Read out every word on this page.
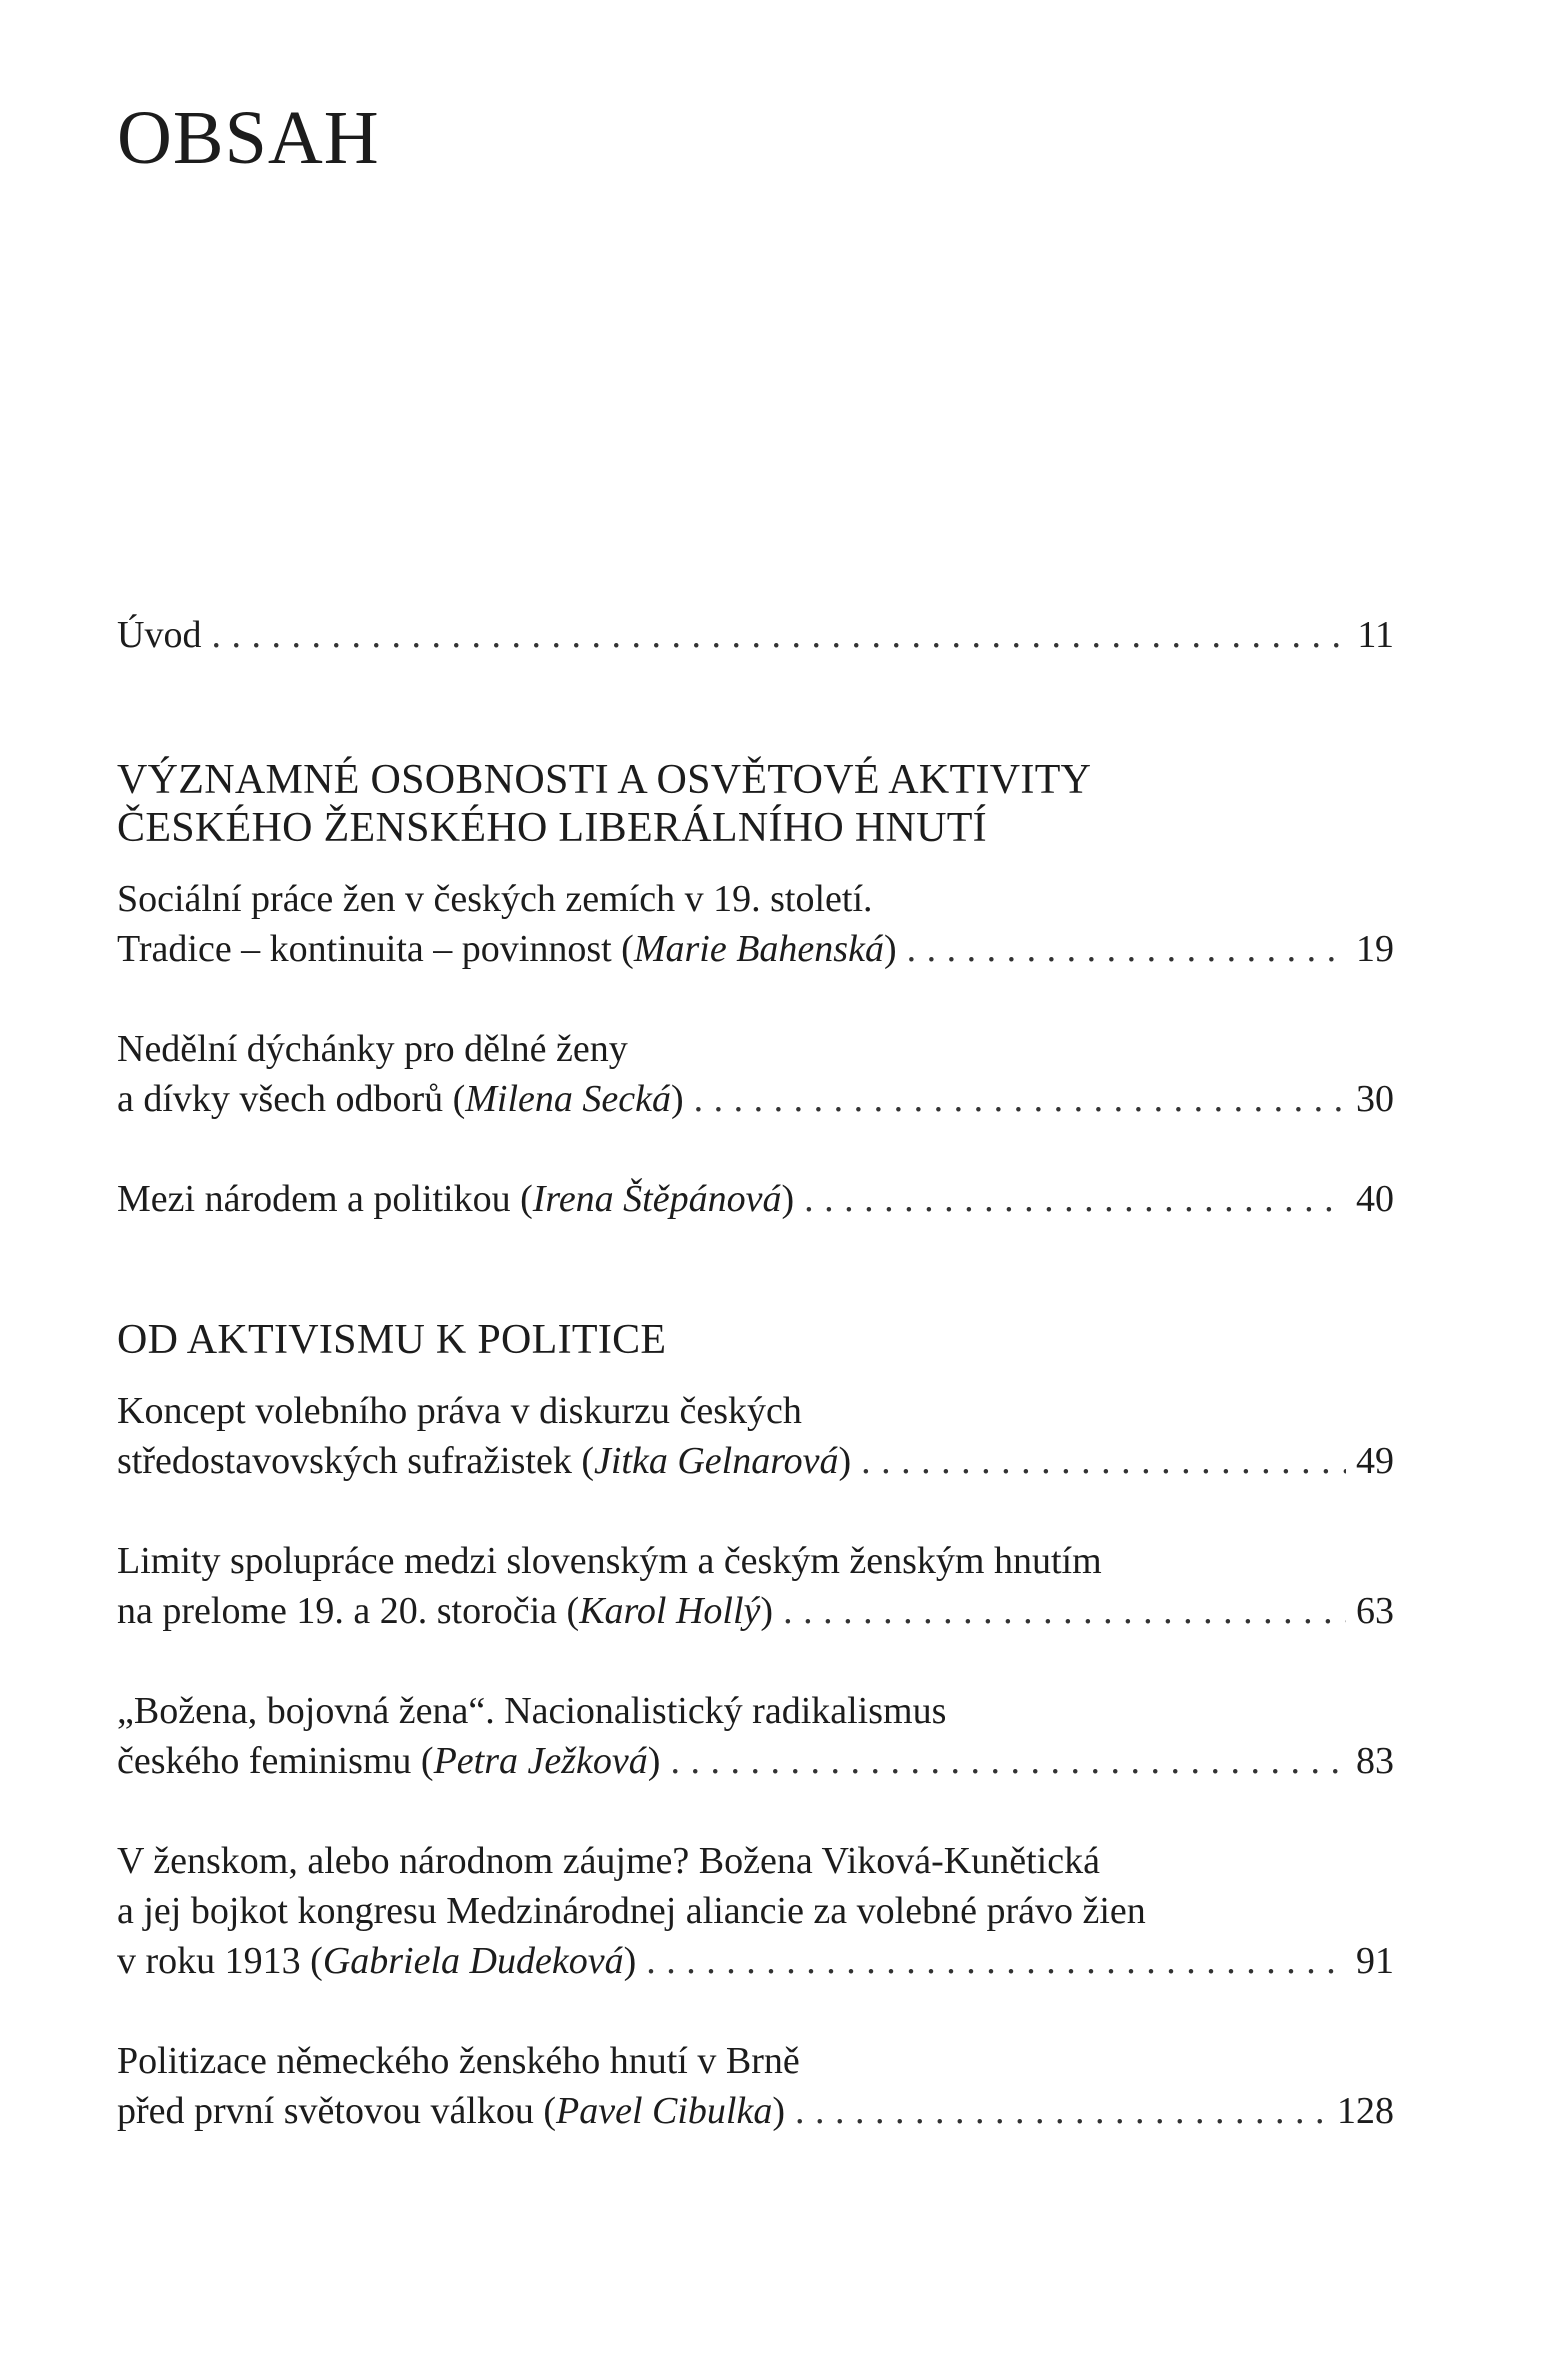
OBSAH
Úvod . . .	11
VÝZNAMNÉ OSOBNOSTI A OSVĚTOVÉ AKTIVITY
ČESKÉHO ŽENSKÉHO LIBERÁLNÍHO HNUTÍ
Sociální práce žen v českých zemích v 19. století.
Tradice – kontinuita – povinnost (Marie Bahenská) . . .	19
Nedělní dýchánky pro dělné ženy
a dívky všech odborů (Milena Secká) . . .	30
Mezi národem a politikou (Irena Štěpánová) . . .	40
OD AKTIVISMU K POLITICE
Koncept volebního práva v diskurzu českých
středostavovských sufražistek (Jitka Gelnarová) . . .	49
Limity spolupráce medzi slovenským a českým ženským hnutím
na prelome 19. a 20. storočia (Karol Hollý) . . .	63
„Božena, bojovná žena“. Nacionalistický radikalismus
českého feminismu (Petra Ježková) . . .	83
V ženskom, alebo národnom záujme? Božena Viková-Kunětická
a jej bojkot kongresu Medzinárodnej aliancie za volebné právo žien
v roku 1913 (Gabriela Dudeková) . . .	91
Politizace německého ženského hnutí v Brně
před první světovou válkou (Pavel Cibulka) . . .	128
